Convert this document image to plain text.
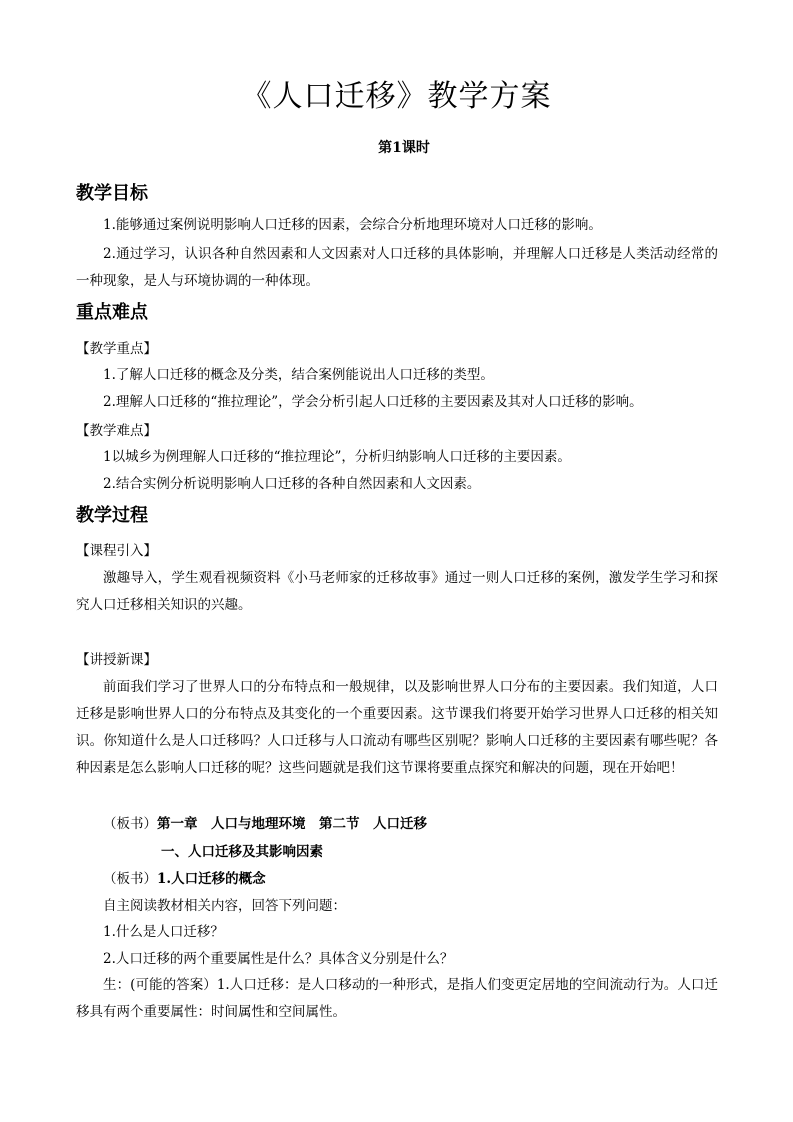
《人口迁移》教学方案
第1课时
教学目标
1.能够通过案例说明影响人口迁移的因素，会综合分析地理环境对人口迁移的影响。
2.通过学习，认识各种自然因素和人文因素对人口迁移的具体影响，并理解人口迁移是人类活动经常的一种现象，是人与环境协调的一种体现。
重点难点
【教学重点】
1.了解人口迁移的概念及分类，结合案例能说出人口迁移的类型。
2.理解人口迁移的“推拉理论”，学会分析引起人口迁移的主要因素及其对人口迁移的影响。
【教学难点】
1以城乡为例理解人口迁移的“推拉理论”，分析归纳影响人口迁移的主要因素。
2.结合实例分析说明影响人口迁移的各种自然因素和人文因素。
教学过程
【课程引入】
激趣导入，学生观看视频资料《小马老师家的迁移故事》通过一则人口迁移的案例，激发学生学习和探究人口迁移相关知识的兴趣。
【讲授新课】
前面我们学习了世界人口的分布特点和一般规律，以及影响世界人口分布的主要因素。我们知道，人口迁移是影响世界人口的分布特点及其变化的一个重要因素。这节课我们将要开始学习世界人口迁移的相关知识。你知道什么是人口迁移吗？人口迁移与人口流动有哪些区别呢？影响人口迁移的主要因素有哪些呢？各种因素是怎么影响人口迁移的呢？这些问题就是我们这节课将要重点探究和解决的问题，现在开始吧！
（板书）第一章　人口与地理环境　第二节　人口迁移
一、人口迁移及其影响因素
（板书）1.人口迁移的概念
自主阅读教材相关内容，回答下列问题：
1.什么是人口迁移？
2.人口迁移的两个重要属性是什么？具体含义分别是什么？
生：(可能的答案）1.人口迁移：是人口移动的一种形式，是指人们变更定居地的空间流动行为。人口迁移具有两个重要属性：时间属性和空间属性。
